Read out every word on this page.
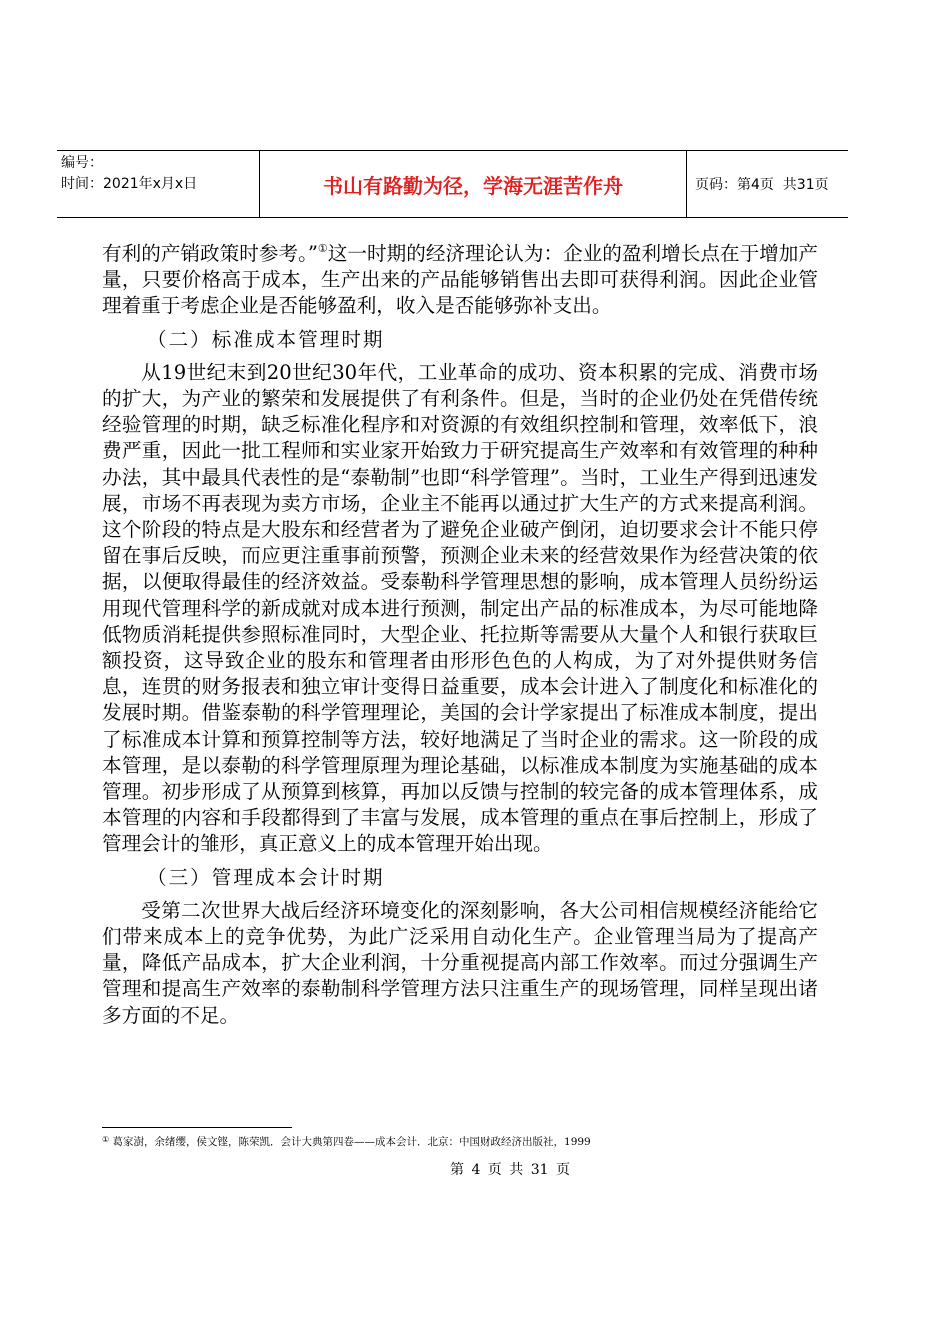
编号：
时间：2021年x月x日	书山有路勤为径，学海无涯苦作舟	页码：第4页  共31页

有利的产销政策时参考。”①这一时期的经济理论认为：企业的盈利增长点在于增加产量，只要价格高于成本，生产出来的产品能够销售出去即可获得利润。因此企业管理着重于考虑企业是否能够盈利，收入是否能够弥补支出。

（二）标准成本管理时期

从19世纪末到20世纪30年代，工业革命的成功、资本积累的完成、消费市场的扩大，为产业的繁荣和发展提供了有利条件。但是，当时的企业仍处在凭借传统经验管理的时期，缺乏标准化程序和对资源的有效组织控制和管理，效率低下，浪费严重，因此一批工程师和实业家开始致力于研究提高生产效率和有效管理的种种办法，其中最具代表性的是“泰勒制”也即“科学管理”。当时，工业生产得到迅速发展，市场不再表现为卖方市场，企业主不能再以通过扩大生产的方式来提高利润。这个阶段的特点是大股东和经营者为了避免企业破产倒闭，迫切要求会计不能只停留在事后反映，而应更注重事前预警，预测企业未来的经营效果作为经营决策的依据，以便取得最佳的经济效益。受泰勒科学管理思想的影响，成本管理人员纷纷运用现代管理科学的新成就对成本进行预测，制定出产品的标准成本，为尽可能地降低物质消耗提供参照标准同时，大型企业、托拉斯等需要从大量个人和银行获取巨额投资，这导致企业的股东和管理者由形形色色的人构成，为了对外提供财务信息，连贯的财务报表和独立审计变得日益重要，成本会计进入了制度化和标准化的发展时期。借鉴泰勒的科学管理理论，美国的会计学家提出了标准成本制度，提出了标准成本计算和预算控制等方法，较好地满足了当时企业的需求。这一阶段的成本管理，是以泰勒的科学管理原理为理论基础，以标准成本制度为实施基础的成本管理。初步形成了从预算到核算，再加以反馈与控制的较完备的成本管理体系，成本管理的内容和手段都得到了丰富与发展，成本管理的重点在事后控制上，形成了管理会计的雏形，真正意义上的成本管理开始出现。

（三）管理成本会计时期

受第二次世界大战后经济环境变化的深刻影响，各大公司相信规模经济能给它们带来成本上的竞争优势，为此广泛采用自动化生产。企业管理当局为了提高产量，降低产品成本，扩大企业利润，十分重视提高内部工作效率。而过分强调生产管理和提高生产效率的泰勒制科学管理方法只注重生产的现场管理，同样呈现出诸多方面的不足。

① 葛家澍，余绪缨，侯文铿，陈荣凯．会计大典第四卷——成本会计．北京：中国财政经济出版社，1999
第 4 页 共 31 页
